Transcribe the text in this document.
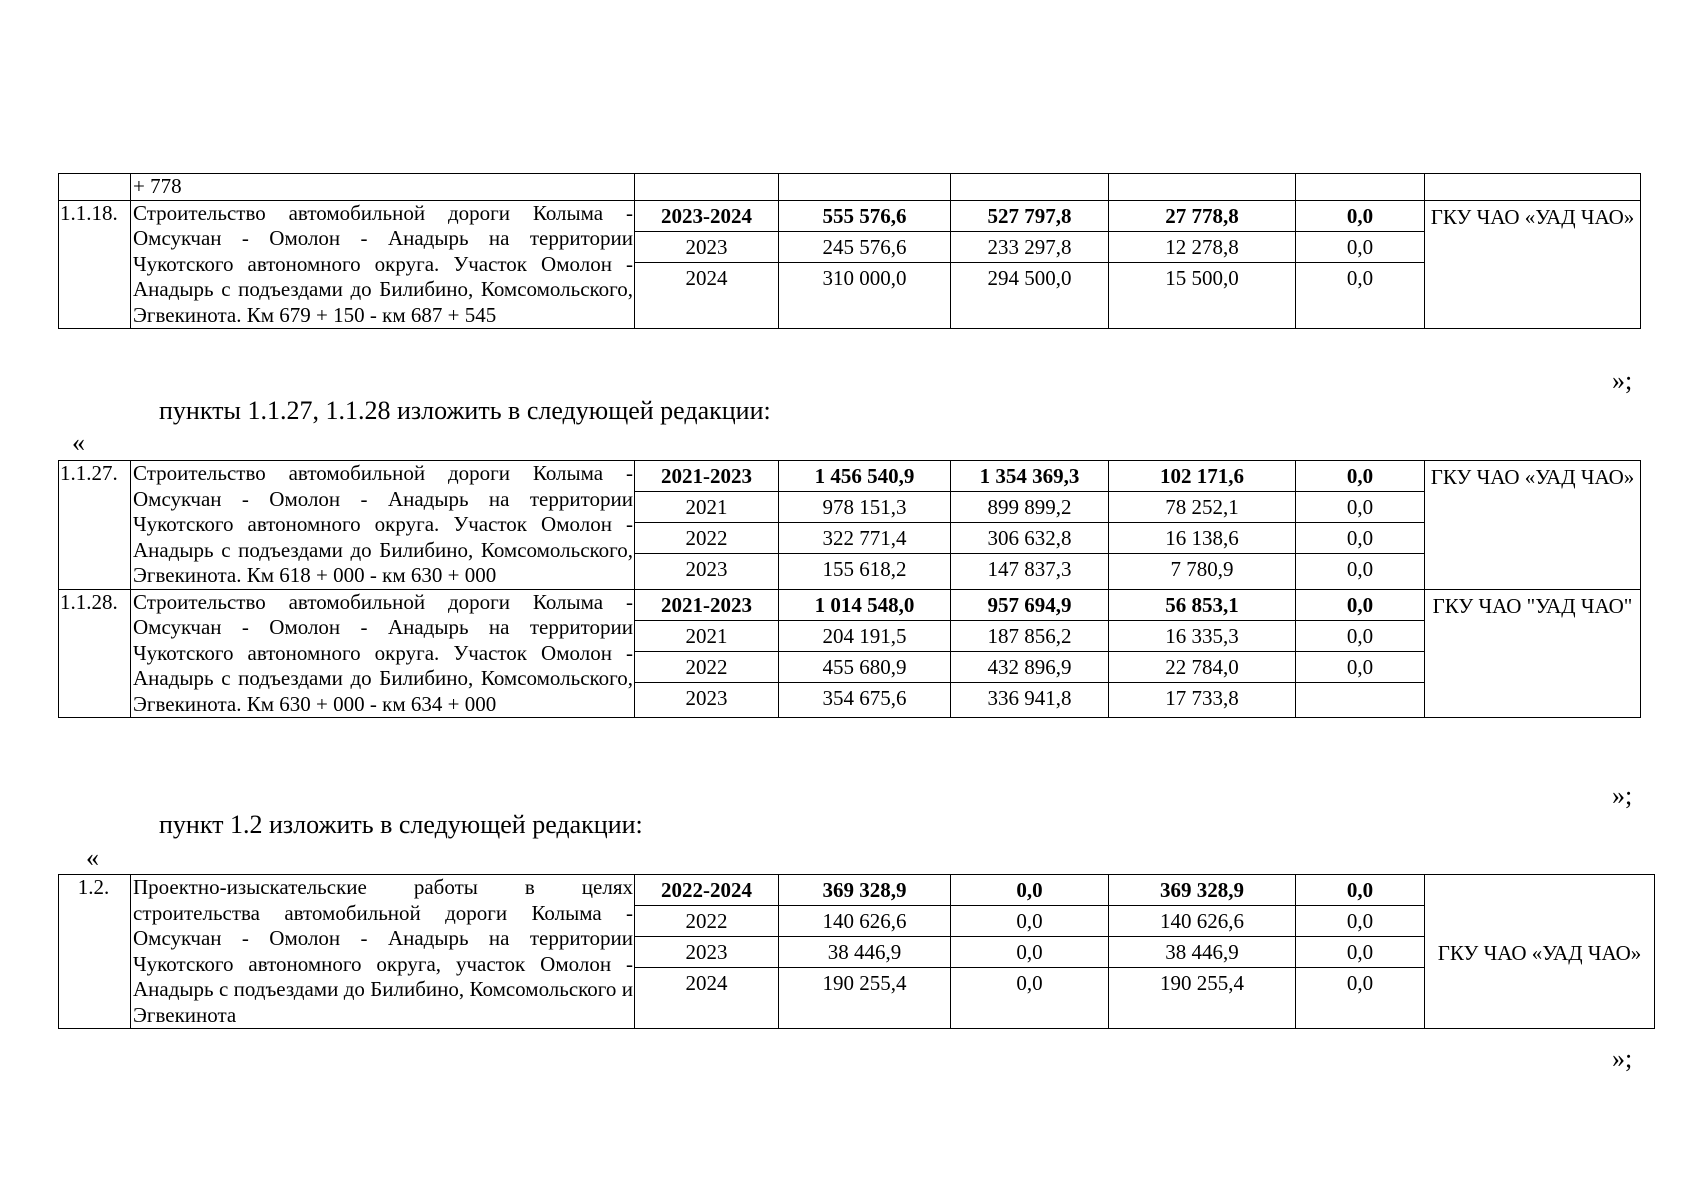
	+ 778						
1.1.18.	Строительство автомобильной дороги Колыма - Омсукчан - Омолон - Анадырь на территории Чукотского автономного округа. Участок Омолон - Анадырь с подъездами до Билибино, Комсомольского, Эгвекинота. Км 679 + 150 - км 687 + 545	2023-2024	555 576,6	527 797,8	27 778,8	0,0	ГКУ ЧАО «УАД ЧАО»
		2023	245 576,6	233 297,8	12 278,8	0,0	
		2024	310 000,0	294 500,0	15 500,0	0,0	
»;
пункты 1.1.27, 1.1.28 изложить в следующей редакции:
«
1.1.27.	Строительство автомобильной дороги Колыма - Омсукчан - Омолон - Анадырь на территории Чукотского автономного округа. Участок Омолон - Анадырь с подъездами до Билибино, Комсомольского, Эгвекинота. Км 618 + 000 - км 630 + 000	2021-2023	1 456 540,9	1 354 369,3	102 171,6	0,0	ГКУ ЧАО «УАД ЧАО»
		2021	978 151,3	899 899,2	78 252,1	0,0	
		2022	322 771,4	306 632,8	16 138,6	0,0	
		2023	155 618,2	147 837,3	7 780,9	0,0	
1.1.28.	Строительство автомобильной дороги Колыма - Омсукчан - Омолон - Анадырь на территории Чукотского автономного округа. Участок Омолон - Анадырь с подъездами до Билибино, Комсомольского, Эгвекинота. Км 630 + 000 - км 634 + 000	2021-2023	1 014 548,0	957 694,9	56 853,1	0,0	ГКУ ЧАО "УАД ЧАО"
		2021	204 191,5	187 856,2	16 335,3	0,0	
		2022	455 680,9	432 896,9	22 784,0	0,0	
		2023	354 675,6	336 941,8	17 733,8		
»;
пункт 1.2 изложить в следующей редакции:
«
1.2.	Проектно-изыскательские работы в целях строительства автомобильной дороги Колыма - Омсукчан - Омолон - Анадырь на территории Чукотского автономного округа, участок Омолон - Анадырь с подъездами до Билибино, Комсомольского и Эгвекинота	2022-2024	369 328,9	0,0	369 328,9	0,0	ГКУ ЧАО «УАД ЧАО»
		2022	140 626,6	0,0	140 626,6	0,0	
		2023	38 446,9	0,0	38 446,9	0,0	
		2024	190 255,4	0,0	190 255,4	0,0	
»;
